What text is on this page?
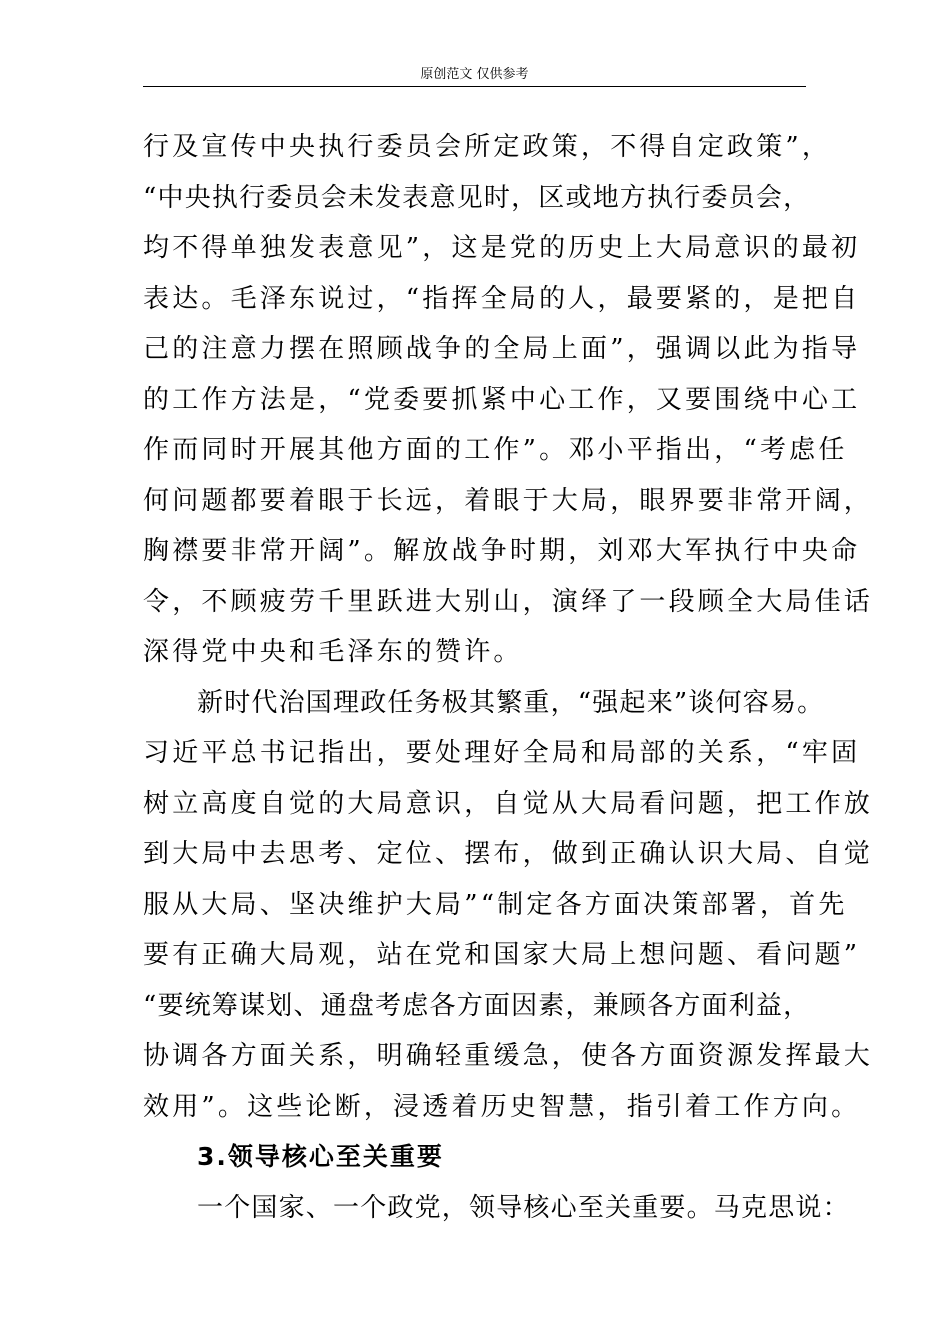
原创范文 仅供参考
行及宣传中央执行委员会所定政策，不得自定政策”，
“中央执行委员会未发表意见时，区或地方执行委员会，
均不得单独发表意见”，这是党的历史上大局意识的最初
表达。毛泽东说过，“指挥全局的人，最要紧的，是把自
己的注意力摆在照顾战争的全局上面”，强调以此为指导
的工作方法是，“党委要抓紧中心工作，又要围绕中心工
作而同时开展其他方面的工作”。邓小平指出，“考虑任
何问题都要着眼于长远，着眼于大局，眼界要非常开阔，
胸襟要非常开阔”。解放战争时期，刘邓大军执行中央命
令，不顾疲劳千里跃进大别山，演绎了一段顾全大局佳话
深得党中央和毛泽东的赞许。
新时代治国理政任务极其繁重，“强起来”谈何容易。
习近平总书记指出，要处理好全局和局部的关系，“牢固
树立高度自觉的大局意识，自觉从大局看问题，把工作放
到大局中去思考、定位、摆布，做到正确认识大局、自觉
服从大局、坚决维护大局”“制定各方面决策部署，首先
要有正确大局观，站在党和国家大局上想问题、看问题”
“要统筹谋划、通盘考虑各方面因素，兼顾各方面利益，
协调各方面关系，明确轻重缓急，使各方面资源发挥最大
效用”。这些论断，浸透着历史智慧，指引着工作方向。
3.领导核心至关重要
一个国家、一个政党，领导核心至关重要。马克思说：
